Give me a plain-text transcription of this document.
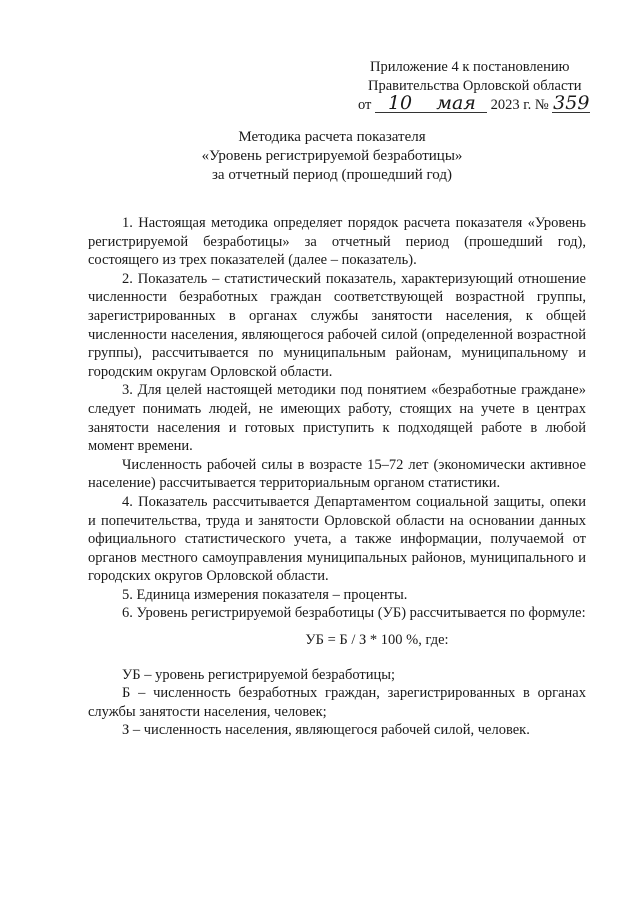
Приложение 4 к постановлению
Правительства Орловской области
от 10 мая 2023 г. № 359
Методика расчета показателя
«Уровень регистрируемой безработицы»
за отчетный период (прошедший год)

1. Настоящая методика определяет порядок расчета показателя «Уровень регистрируемой безработицы» за отчетный период (прошедший год), состоящего из трех показателей (далее – показатель).

2. Показатель – статистический показатель, характеризующий отношение численности безработных граждан соответствующей возрастной группы, зарегистрированных в органах службы занятости населения, к общей численности населения, являющегося рабочей силой (определенной возрастной группы), рассчитывается по муниципальным районам, муниципальному и городским округам Орловской области.

3. Для целей настоящей методики под понятием «безработные граждане» следует понимать людей, не имеющих работу, стоящих на учете в центрах занятости населения и готовых приступить к подходящей работе в любой момент времени.

Численность рабочей силы в возрасте 15–72 лет (экономически активное население) рассчитывается территориальным органом статистики.

4. Показатель рассчитывается Департаментом социальной защиты, опеки и попечительства, труда и занятости Орловской области на основании данных официального статистического учета, а также информации, получаемой от органов местного самоуправления муниципальных районов, муниципального и городских округов Орловской области.

5. Единица измерения показателя – проценты.

6. Уровень регистрируемой безработицы (УБ) рассчитывается по формуле:

УБ = Б / З * 100 %, где:

УБ – уровень регистрируемой безработицы;

Б – численность безработных граждан, зарегистрированных в органах службы занятости населения, человек;

З – численность населения, являющегося рабочей силой, человек.
